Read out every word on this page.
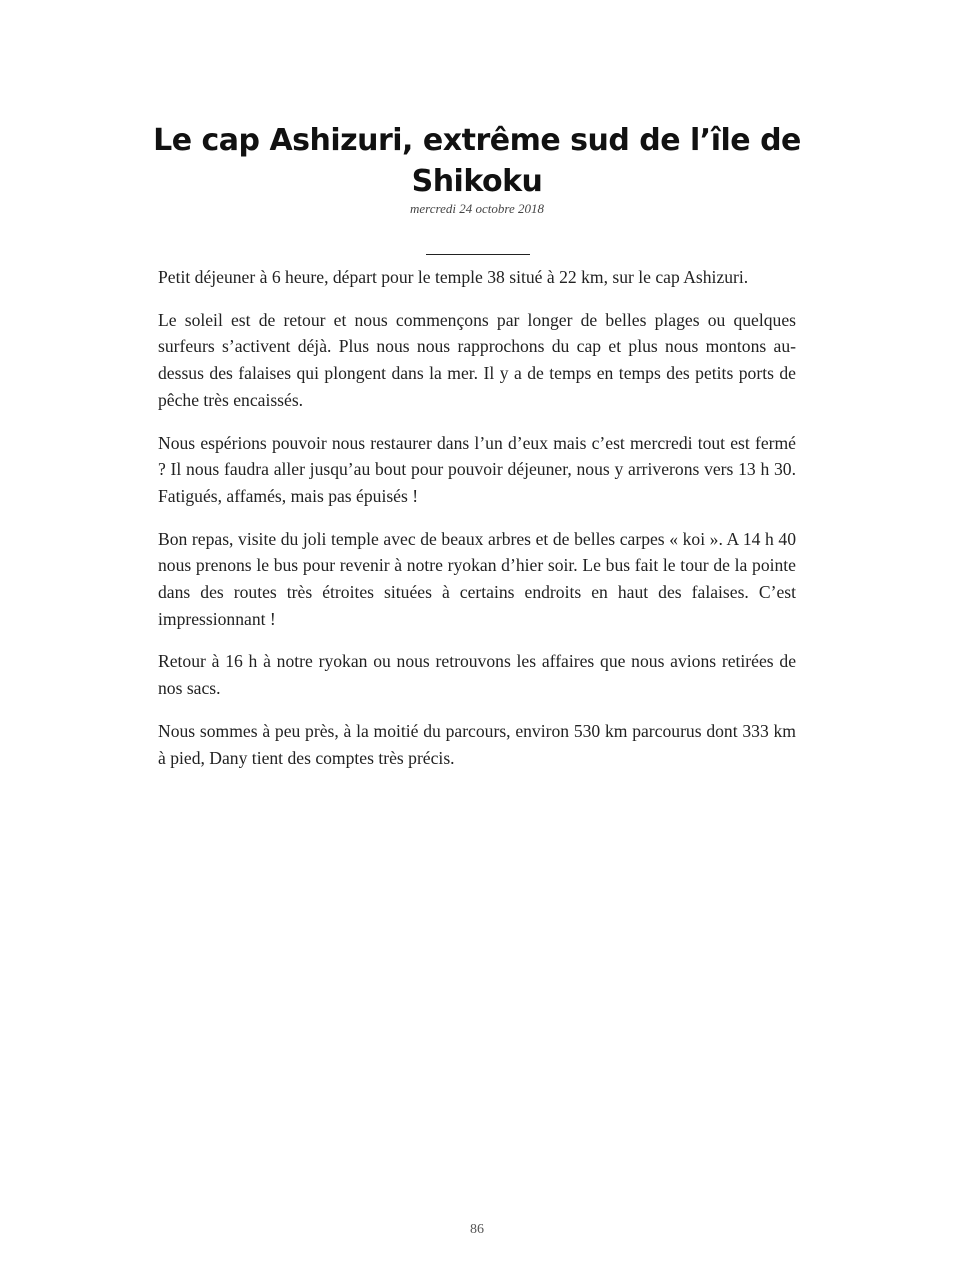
Le cap Ashizuri, extrême sud de l’île de Shikoku
mercredi 24 octobre 2018

Petit déjeuner à 6 heure, départ pour le temple 38 situé à 22 km, sur le cap Ashizuri.

Le soleil est de retour et nous commençons par longer de belles plages ou quelques surfeurs s’activent déjà. Plus nous nous rapprochons du cap et plus nous montons au-dessus des falaises qui plongent dans la mer. Il y a de temps en temps des petits ports de pêche très encaissés.

Nous espérions pouvoir nous restaurer dans l’un d’eux mais c’est mercredi tout est fermé ? Il nous faudra aller jusqu’au bout pour pouvoir déjeuner, nous y arriverons vers 13 h 30. Fatigués, affamés, mais pas épuisés !

Bon repas, visite du joli temple avec de beaux arbres et de belles carpes « koi ». A 14 h 40 nous prenons le bus pour revenir à notre ryokan d’hier soir. Le bus fait le tour de la pointe dans des routes très étroites situées à certains endroits en haut des falaises. C’est impressionnant !

Retour à 16 h à notre ryokan ou nous retrouvons les affaires que nous avions retirées de nos sacs.

Nous sommes à peu près, à la moitié du parcours, environ 530 km parcourus dont 333 km à pied, Dany tient des comptes très précis.

86
